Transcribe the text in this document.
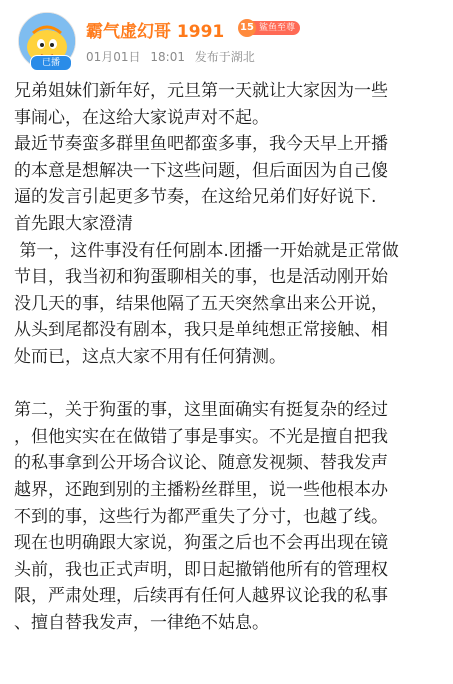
已播
霸气虚幻哥 1991 15 鲨鱼至尊
01月01日 18:01 发布于湖北
兄弟姐妹们新年好，元旦第一天就让大家因为一些
事闹心，在这给大家说声对不起。
最近节奏蛮多群里鱼吧都蛮多事，我今天早上开播
的本意是想解决一下这些问题，但后面因为自己傻
逼的发言引起更多节奏，在这给兄弟们好好说下.
首先跟大家澄清
第一，这件事没有任何剧本.团播一开始就是正常做
节目，我当初和狗蛋聊相关的事，也是活动刚开始
没几天的事，结果他隔了五天突然拿出来公开说，
从头到尾都没有剧本，我只是单纯想正常接触、相
处而已，这点大家不用有任何猜测。
第二，关于狗蛋的事，这里面确实有挺复杂的经过
，但他实实在在做错了事是事实。不光是擅自把我
的私事拿到公开场合议论、随意发视频、替我发声
越界，还跑到别的主播粉丝群里，说一些他根本办
不到的事，这些行为都严重失了分寸，也越了线。
现在也明确跟大家说，狗蛋之后也不会再出现在镜
头前，我也正式声明，即日起撤销他所有的管理权
限，严肃处理，后续再有任何人越界议论我的私事
、擅自替我发声，一律绝不姑息。
